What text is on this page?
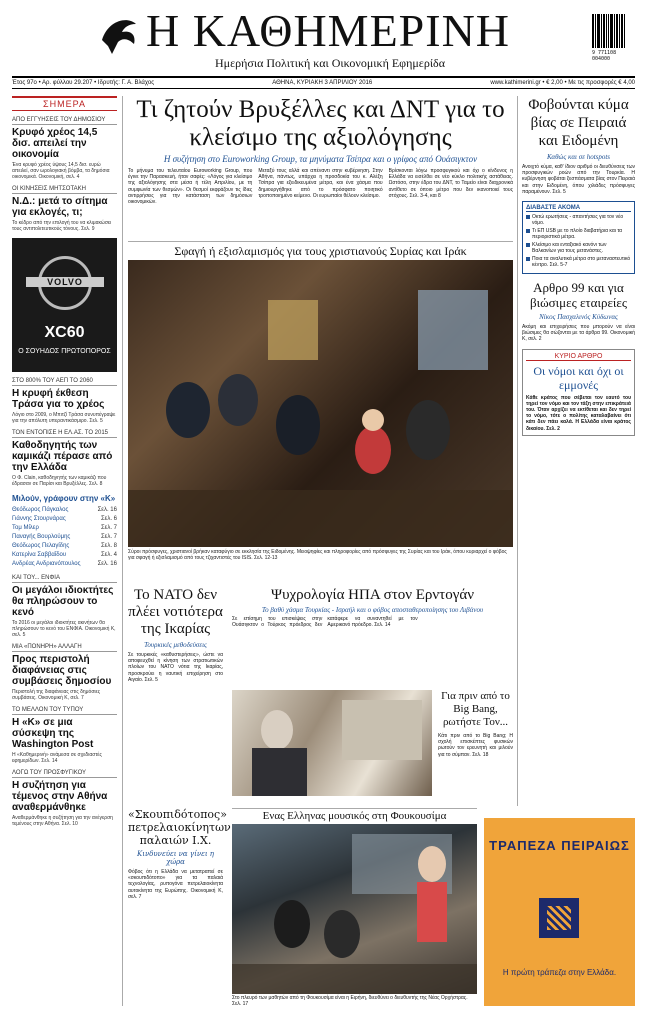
Η ΚΑΘΗΜΕΡΙΝΗ
Ημερήσια Πολιτική και Οικονομική Εφημερίδα
9 771108 004000
Έτος 97ο • Αρ. φύλλου 29.207 • Ιδρυτής: Γ. Α. Βλάχος	ΑΘΗΝΑ, ΚΥΡΙΑΚΗ 3 ΑΠΡΙΛΙΟΥ 2016	www.kathimerini.gr • € 2,00 • Με τις προσφορές € 4,00
ΣΗΜΕΡΑ
ΑΠΟ ΕΓΓΥΗΣΕΙΣ ΤΟΥ ΔΗΜΟΣΙΟΥ
Κρυφό χρέος 14,5 δισ. απειλεί την οικονομία
Ένα κρυφό χρέος ύψους 14,5 δισ. ευρώ απειλεί, σαν ωρολογιακή βόμβα, τα δημόσια οικονομικά. Οικονομική, σελ. 4
ΟΙ ΚΙΝΗΣΕΙΣ ΜΗΤΣΟΤΑΚΗ
Ν.Δ.: μετά το σίτημα για εκλογές, τι;
Το κέδρο από την επιλογή του να κλιμακώσει τους αντιπολιτευτικούς τόνους. Σελ. 9
VOLVO
XC60
Ο ΣΟΥΗΔΟΣ ΠΡΩΤΟΠΟΡΟΣ
ΣΤΟ 800% ΤΟΥ ΑΕΠ ΤΟ 2060
Η κρυφή έκθεση Τράσα για το χρέος
Λόγιο στο 2009, ο Μπιτζί Τράσα συνυπέγραψε για την απόλυτη υπεραντικάσμιρο. Σελ. 5
ΤΟΝ ΕΝΤΟΠΙΣΕ Η ΕΛ.ΑΣ. ΤΟ 2015
Καθοδηγητής των καμικάζι πέρασε από την Ελλάδα
Ο Φ. Clain, καθοδηγητής των καμικάζι που έδρασαν σε Παρίσι και Βρυξέλλες. Σελ. 8
Μιλούν, γράφουν στην «Κ»
Θεόδωρος Πάγκαλος	Σελ. 16
Γιάννης Στουρνάρας	Σελ. 6
Τομ Μίλερ	Σελ. 7
Παναγής Βουρλούμης	Σελ. 7
Θεόδωρος Πελαγίδης	Σελ. 8
Κατερίνα Σαββαΐδου	Σελ. 4
Ανδρέας Ανδριανόπουλος	Σελ. 16
ΚΑΙ ΤΟΥ... ΕΝΦΙΑ
Οι μεγάλοι ιδιοκτήτες θα πληρώσουν το κενό
Το 2016 οι μεγάλοι ιδιοκτήτες ακινήτων θα πληρώσουν το κενό του ΕΝΦΙΑ. Οικονομική Κ, σελ. 5
ΜΙΑ «ΠΟΝΗΡΗ» ΑΛΛΑΓΗ
Προς περιστολή διαφάνειας στις συμβάσεις δημοσίου
Περιστολή της διαφάνειας στις δημόσιες συμβάσεις. Οικονομική Κ, σελ. 7
ΤΟ ΜΕΛΛΟΝ ΤΟΥ ΤΥΠΟΥ
Η «Κ» σε μια σύσκεψη της Washington Post
Η «Καθημερινή» ανάμεσα σε σχεδιαστές εφημερίδων. Σελ. 14
ΛΟΓΩ ΤΟΥ ΠΡΟΣΦΥΓΙΚΟΥ
Η συζήτηση για τέμενος στην Αθήνα αναθερμάνθηκε
Αναθερμάνθηκε η συζήτηση για την ανέγερση τεμένους στην Αθήνα. Σελ. 10
Τι ζητούν Βρυξέλλες και ΔΝΤ για το κλείσιμο της αξιολόγησης
Η συζήτηση στο Euroworking Group, τα μηνύματα Τσίπρα και ο γρίφος από Ουάσιγκτον

Το μήνυμα του τελευταίου Euroworking Group, που έγινε την Παρασκευή, ήταν σαφές: «Λόγος για κλείσιμο της αξιολόγησης στα μέσα ή τέλη Απριλίου, με τη συμφωνία των θεσμών». Οι θεσμοί εκφράζουν τις ίδιες αντιρρήσεις για την κατάσταση των δημόσιων οικονομικών.

Μεταξύ τους αλλά και απέναντι στην κυβέρνηση. Στην Αθήνα, πάντως, υπάρχει η προσδοκία του κ. Αλέξη Τσίπρα για εξειδικευμένα μέτρα, και ένα χάσμα που δημιουργήθηκε από το πρόσφατο ποιητικό τροποποιημένο κείμενο. Οι ευρωπαίοι θέλουν κλείσιμο.

Βρίσκονται λόγω προσφυγικού και όχι ο κίνδυνος η Ελλάδα να εισέλθει σε νέο κύκλο πολιτικής αστάθειας. Ωστόσο, στην έδρα του ΔΝΤ, το Ταμείο είναι διαχρονικά αντίθετο σε όποιο μέτρο που δεν ικανοποιεί τους στόχους. Σελ. 3-4, και 8

Σφαγή ή εξισλαμισμός για τους χριστιανούς Συρίας και Ιράκ
Σύροι πρόσφυγες, χριστιανοί βρήκαν καταφύγιο σε εκκλησία της Ειδομένης. Μειοψηφίες και πληροφορίες από πρόσφυγες της Συρίας και του Ιράκ, όπου κυριαρχεί ο φόβος για σφαγή ή εξισλαμισμό από τους τζιχαντιστές του ISIS. Σελ. 12-13
Φοβούνται κύμα βίας σε Πειραιά και Ειδομένη
Καθώς και σε hotspots
Ανοιχτό κύμα, καθ' ίδιον αριθμό οι διευθύνσεις των προσφυγικών ροών από την Τουρκία. Η κυβέρνηση φοβάται ξεσπάσματα βίας στον Πειραιά και στην Ειδομένη, όπου χιλιάδες πρόσφυγες παραμένουν. Σελ. 5
ΔΙΑΒΑΣΤΕ ΑΚΟΜΑ
Οκτώ ερωτήσεις - απαντήσεις για τον νέο νόμο.
Τι ΕΠ USB με το πλοίο διαβατήρια και τα περιοριστικά μέτρα.
Κλείσιμο και ενταξιακό κανόνι των Βαλκανίων για τους μετανάστες.
Ποια τα αναλυτικά μέτρα στο μεταναστευτικό κέντρο. Σελ. 5-7
Αρθρο 99 και για βιώσιμες εταιρείες
Νίκος Πασχαλινός Κύδωνας
Ακόμη και επιχειρήσεις που μπορούν να είναι βιώσιμες θα σώζονται με τα άρθρα 99. Οικονομική Κ, σελ. 2
ΚΥΡΙΟ ΑΡΘΡΟ
Οι νόμοι και όχι οι εμμονές
Κάθε κράτος που σέβεται τον εαυτό του τηρεί τον νόμο και τον τάξη στην επικράτειά του. Όταν αρχίζει να εκτίθεται και δεν τηρεί το νόμο, τότε ο πολίτης καταλαβαίνει ότι κάτι δεν πάει καλά. Η Ελλάδα είναι κράτος δικαίου. Σελ. 2
Το ΝΑΤΟ δεν πλέει νοτιότερα της Ικαρίας
Τουρκικές μεθοδεύσεις
Σε τουρκικές «καθυστερήσεις», ώστε να αποφευχθεί η κίνηση των στρατιωτικών πλοίων του ΝΑΤΟ νότια της Ικαρίας, προσκρούει η ναυτική επιχείρηση στο Αιγαίο. Σελ. 5
Ψυχρολογία ΗΠΑ στον Ερντογάν
Το βαθύ χάσμα Τουρκίας - Ισραήλ και ο φόβος αποσταθεροποίησης του Λιβάνου
Σε επίσημη του επισκέψεις στην Ουάσιγκτον ο Τούρκος πρόεδρος δεν κατάφερε να συναντηθεί με τον Αμερικανό πρόεδρο. Σελ. 14
Για πριν από το Big Bang, ρωτήστε Τον...
Κάτι πριν από το Big Bang; Η σχολή επισκέπτες φυσικών ρωτούν τον ερευνητή και μιλούν για το σύμπαν. Σελ. 18
«Σκουπιδότοπος» πετρελαιοκίνητων παλαιών Ι.Χ.
Κινδυνεύει να γίνει η χώρα
Φόβος ότι η Ελλάδα να μετατραπεί σε «σκουπιδότοπο» για τα παλαιά τεχνολογίας, ρυπογόνα πετρελαιοκίνητα αυτοκίνητα της Ευρώπης. Οικονομική Κ, σελ. 7
Ενας Ελληνας μουσικός στη Φουκουσίμα
Στο πλευρό των μαθητών από τη Φουκουσίμα είναι η Ειρήνη, διευθύνει ο διευθυντής της Νέας Ορχήστρας. Σελ. 17
ΤΡΑΠΕΖΑ ΠΕΙΡΑΙΩΣ
Η πρώτη τράπεζα στην Ελλάδα.
